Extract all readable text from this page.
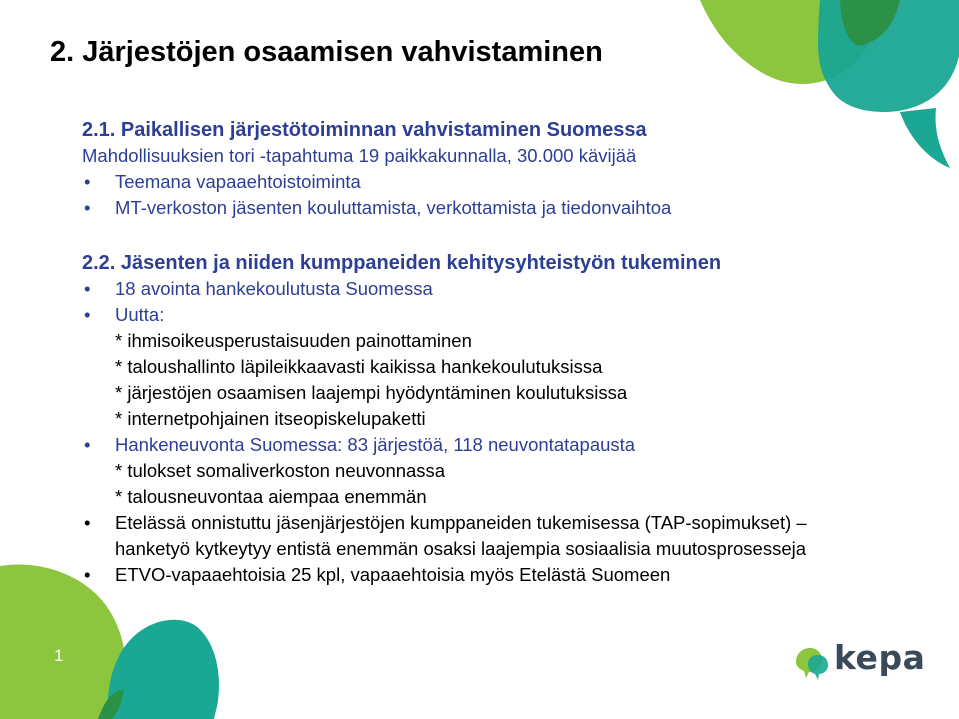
2. Järjestöjen osaamisen vahvistaminen
2.1. Paikallisen järjestötoiminnan vahvistaminen Suomessa
Mahdollisuuksien tori -tapahtuma 19 paikkakunnalla, 30.000 kävijää
• Teemana vapaaehtoistoiminta
• MT-verkoston jäsenten kouluttamista, verkottamista ja tiedonvaihtoa
2.2. Jäsenten ja niiden kumppaneiden kehitysyhteistyön tukeminen
• 18 avointa hankekoulutusta Suomessa
• Uutta:
* ihmisoikeusperustaisuuden painottaminen
* taloushallinto läpileikkaavasti kaikissa hankekoulutuksissa
* järjestöjen osaamisen laajempi hyödyntäminen koulutuksissa
* internetpohjainen itseopiskelupaketti
• Hankeneuvonta Suomessa: 83 järjestöä, 118 neuvontatapausta
* tulokset somaliverkoston neuvonnassa
* talousneuvontaa aiempaa enemmän
• Etelässä onnistuttu jäsenjärjestöjen kumppaneiden tukemisessa (TAP-sopimukset) –
hanketyö kytkeytyy entistä enemmän osaksi laajempia sosiaalisia muutosprosesseja
• ETVO-vapaaehtoisia 25 kpl, vapaaehtoisia myös Etelästä Suomeen
1	kepa
